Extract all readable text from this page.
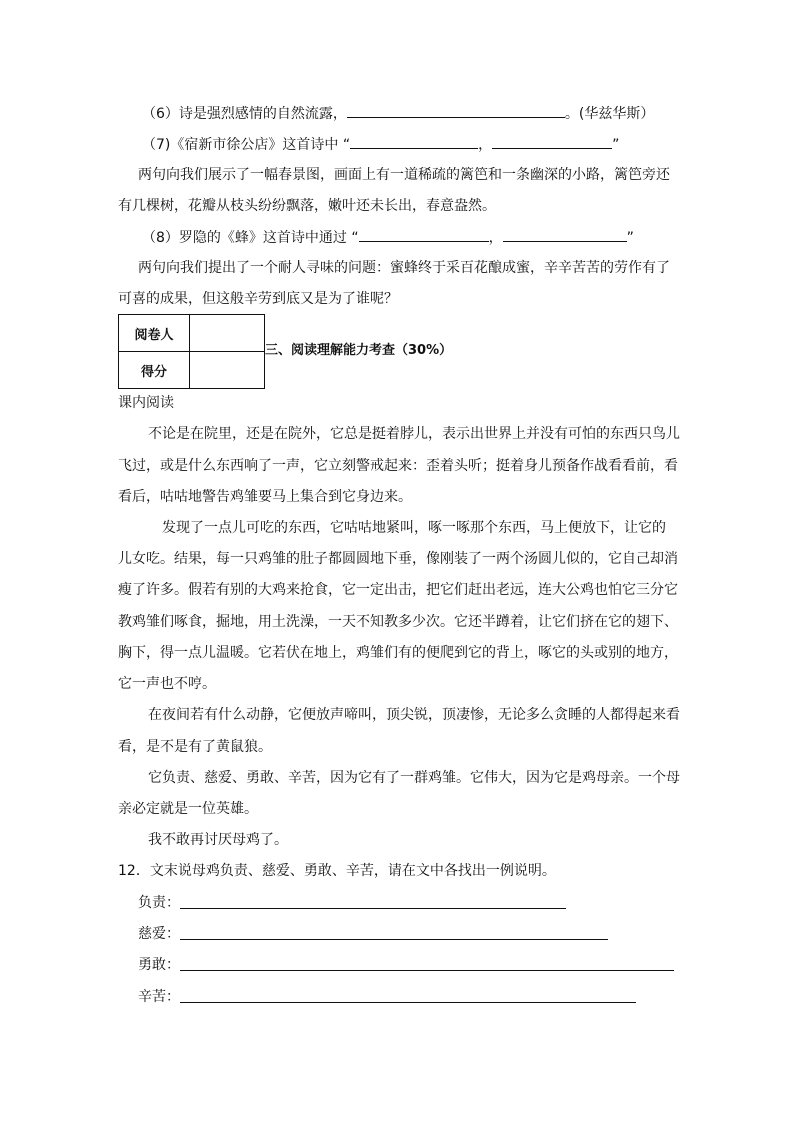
（6）诗是强烈感情的自然流露，	。(华兹华斯）
（7)《宿新市徐公店》这首诗中 “	，	”
两句向我们展示了一幅春景图，画面上有一道稀疏的篱笆和一条幽深的小路，篱笆旁还
有几棵树，花瓣从枝头纷纷飘落，嫩叶还未长出，春意盎然。
（8）罗隐的《蜂》这首诗中通过 “	，	”
两句向我们提出了一个耐人寻味的问题：蜜蜂终于采百花酿成蜜，辛辛苦苦的劳作有了
可喜的成果，但这般辛劳到底又是为了谁呢？
阅卷人	
得分	
三、阅读理解能力考查（30%）
课内阅读
不论是在院里，还是在院外，它总是挺着脖儿，表示出世界上并没有可怕的东西只鸟儿
飞过，或是什么东西响了一声，它立刻警戒起来：歪着头听；挺着身儿预备作战看看前，看
看后，咕咕地警告鸡雏要马上集合到它身边来。
发现了一点儿可吃的东西，它咕咕地紧叫，啄一啄那个东西，马上便放下，让它的
儿女吃。结果，每一只鸡雏的肚子都圆圆地下垂，像刚装了一两个汤圆儿似的，它自己却消
瘦了许多。假若有别的大鸡来抢食，它一定出击，把它们赶出老远，连大公鸡也怕它三分它
教鸡雏们啄食，掘地，用土洗澡，一天不知教多少次。它还半蹲着，让它们挤在它的翅下、
胸下，得一点儿温暖。它若伏在地上，鸡雏们有的便爬到它的背上，啄它的头或别的地方，
它一声也不哼。
在夜间若有什么动静，它便放声啼叫，顶尖锐，顶凄惨，无论多么贪睡的人都得起来看
看，是不是有了黄鼠狼。
它负责、慈爱、勇敢、辛苦，因为它有了一群鸡雏。它伟大，因为它是鸡母亲。一个母
亲必定就是一位英雄。
我不敢再讨厌母鸡了。
12．文末说母鸡负责、慈爱、勇敢、辛苦，请在文中各找出一例说明。
负责：
慈爱：
勇敢：
辛苦：
